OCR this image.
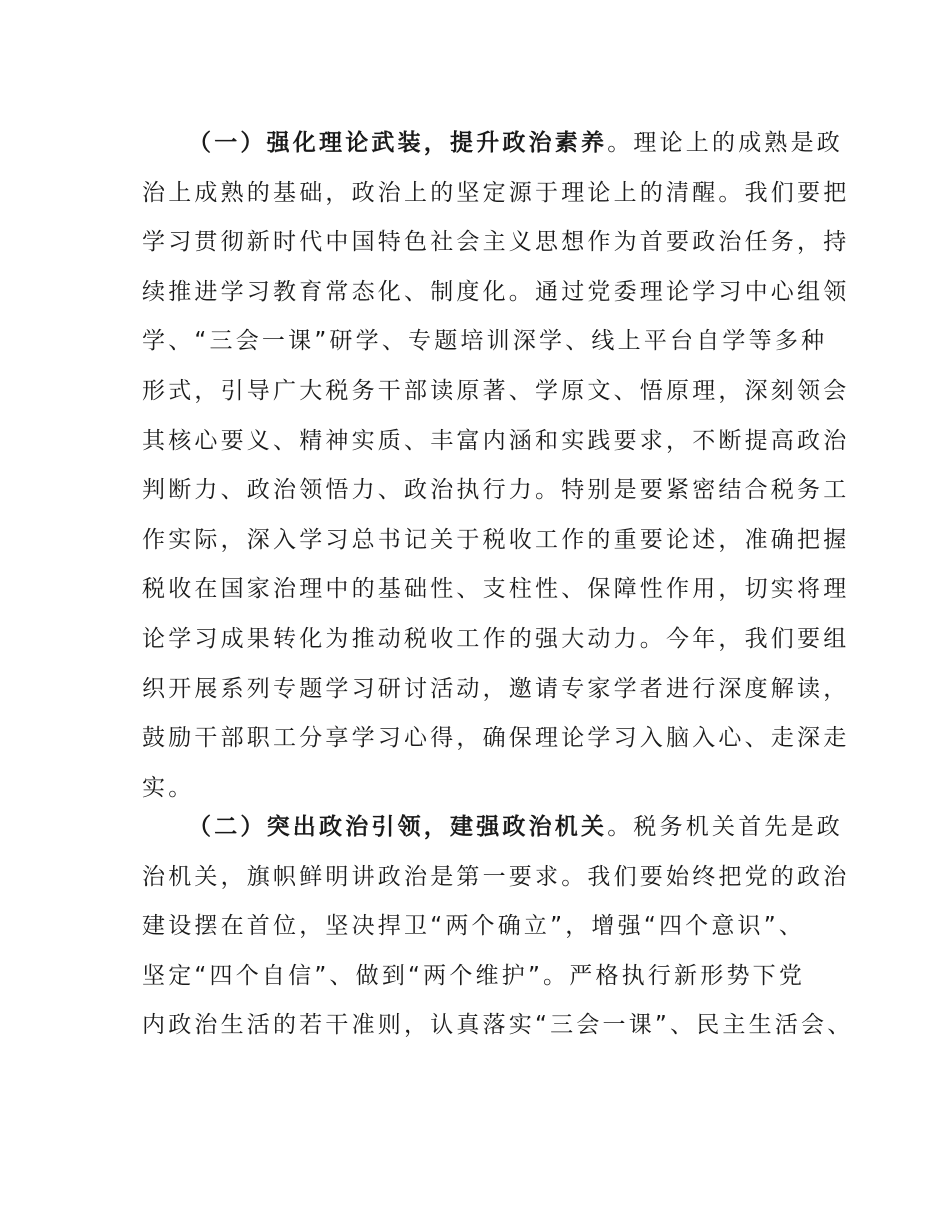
（一）强化理论武装，提升政治素养。理论上的成熟是政
治上成熟的基础，政治上的坚定源于理论上的清醒。我们要把
学习贯彻新时代中国特色社会主义思想作为首要政治任务，持
续推进学习教育常态化、制度化。通过党委理论学习中心组领
学、“三会一课”研学、专题培训深学、线上平台自学等多种
形式，引导广大税务干部读原著、学原文、悟原理，深刻领会
其核心要义、精神实质、丰富内涵和实践要求，不断提高政治
判断力、政治领悟力、政治执行力。特别是要紧密结合税务工
作实际，深入学习总书记关于税收工作的重要论述，准确把握
税收在国家治理中的基础性、支柱性、保障性作用，切实将理
论学习成果转化为推动税收工作的强大动力。今年，我们要组
织开展系列专题学习研讨活动，邀请专家学者进行深度解读，
鼓励干部职工分享学习心得，确保理论学习入脑入心、走深走
实。
（二）突出政治引领，建强政治机关。税务机关首先是政
治机关，旗帜鲜明讲政治是第一要求。我们要始终把党的政治
建设摆在首位，坚决捍卫“两个确立”，增强“四个意识”、
坚定“四个自信”、做到“两个维护”。严格执行新形势下党
内政治生活的若干准则，认真落实“三会一课”、民主生活会、
